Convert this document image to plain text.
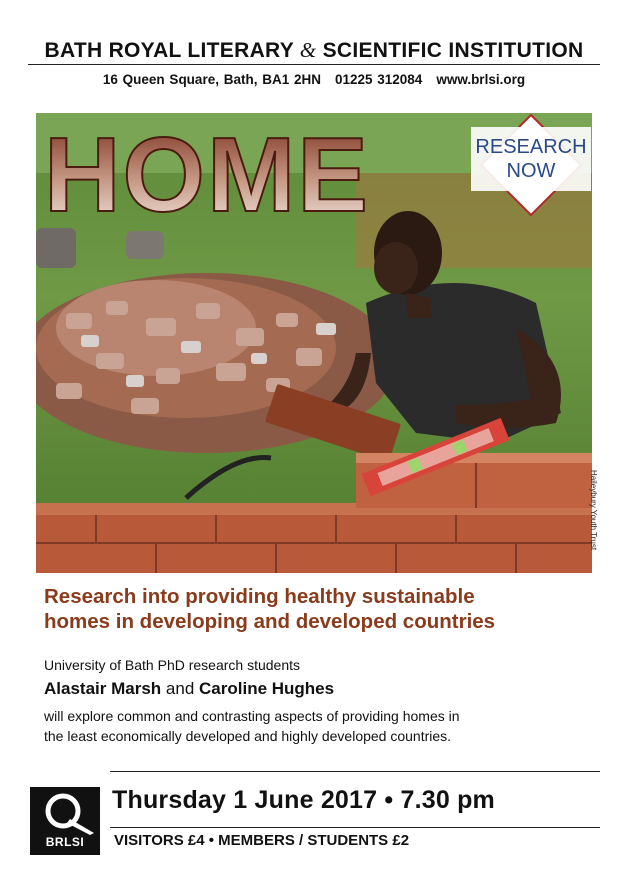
BATH ROYAL LITERARY & SCIENTIFIC INSTITUTION
16 Queen Square, Bath, BA1 2HN 01225 312084 www.brlsi.org
HOME	RESEARCH
NOW
Haileybury Youth Trust
Research into providing healthy sustainable
homes in developing and developed countries
University of Bath PhD research students
Alastair Marsh and Caroline Hughes
will explore common and contrasting aspects of providing homes in
the least economically developed and highly developed countries.
Thursday 1 June 2017 • 7.30 pm
VISITORS £4 • MEMBERS / STUDENTS £2
BRLSI
